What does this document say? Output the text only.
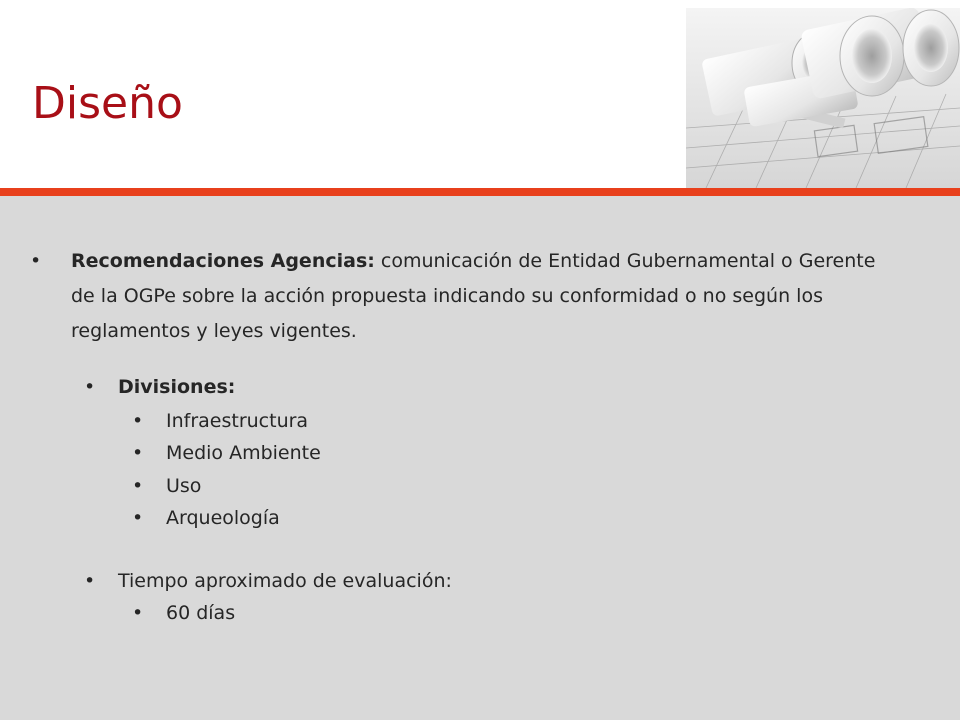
Diseño
• Recomendaciones Agencias: comunicación de Entidad Gubernamental o Gerente de la OGPe sobre la acción propuesta indicando su conformidad o no según los reglamentos y leyes vigentes.
• Divisiones:
• Infraestructura
• Medio Ambiente
• Uso
• Arqueología
• Tiempo aproximado de evaluación:
• 60 días
